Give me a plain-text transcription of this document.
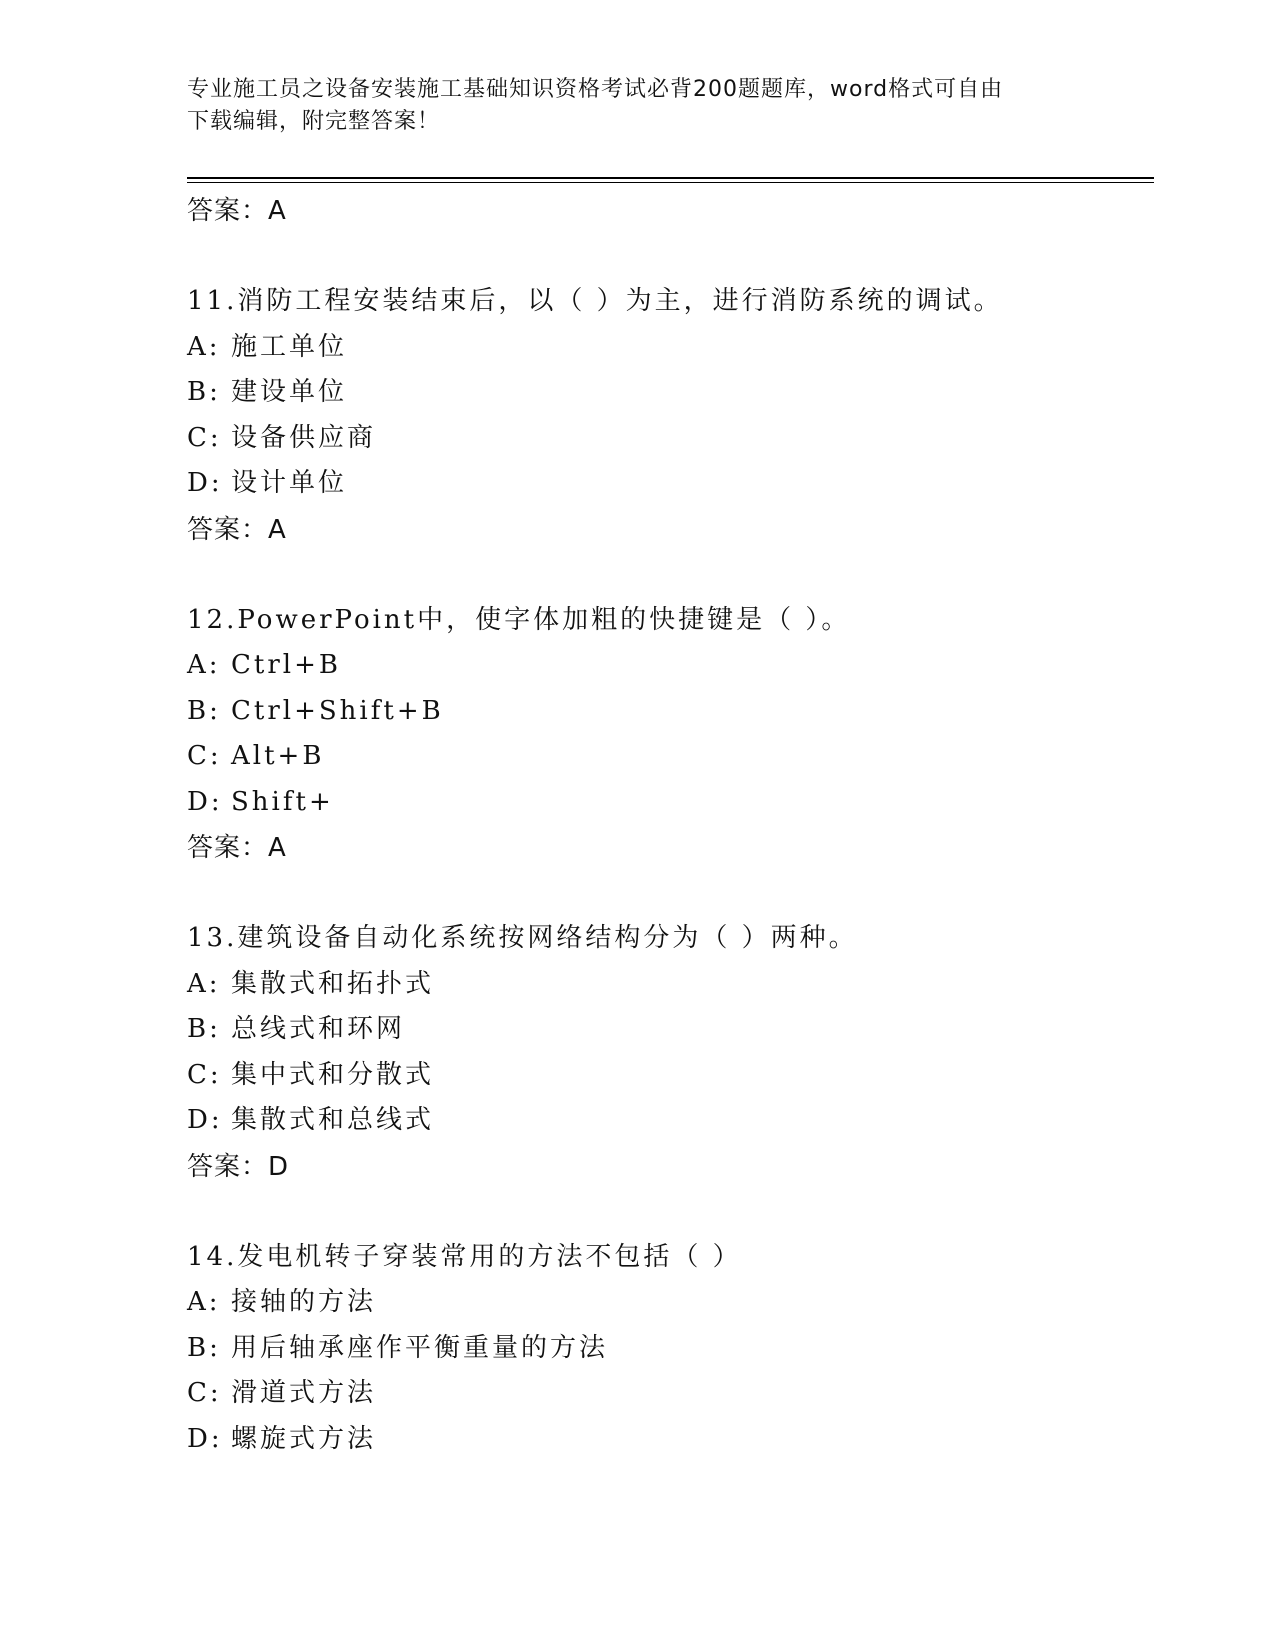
专业施工员之设备安装施工基础知识资格考试必背200题题库，word格式可自由
下载编辑，附完整答案！
答案：A
11.消防工程安装结束后，以（ ）为主，进行消防系统的调试。
A: 施工单位
B: 建设单位
C: 设备供应商
D: 设计单位
答案：A
12.PowerPoint中，使字体加粗的快捷键是（ ）。
A: Ctrl+B
B: Ctrl+Shift+B
C: Alt+B
D: Shift+
答案：A
13.建筑设备自动化系统按网络结构分为（ ）两种。
A: 集散式和拓扑式
B: 总线式和环网
C: 集中式和分散式
D: 集散式和总线式
答案：D
14.发电机转子穿装常用的方法不包括（ ）
A: 接轴的方法
B: 用后轴承座作平衡重量的方法
C: 滑道式方法
D: 螺旋式方法
